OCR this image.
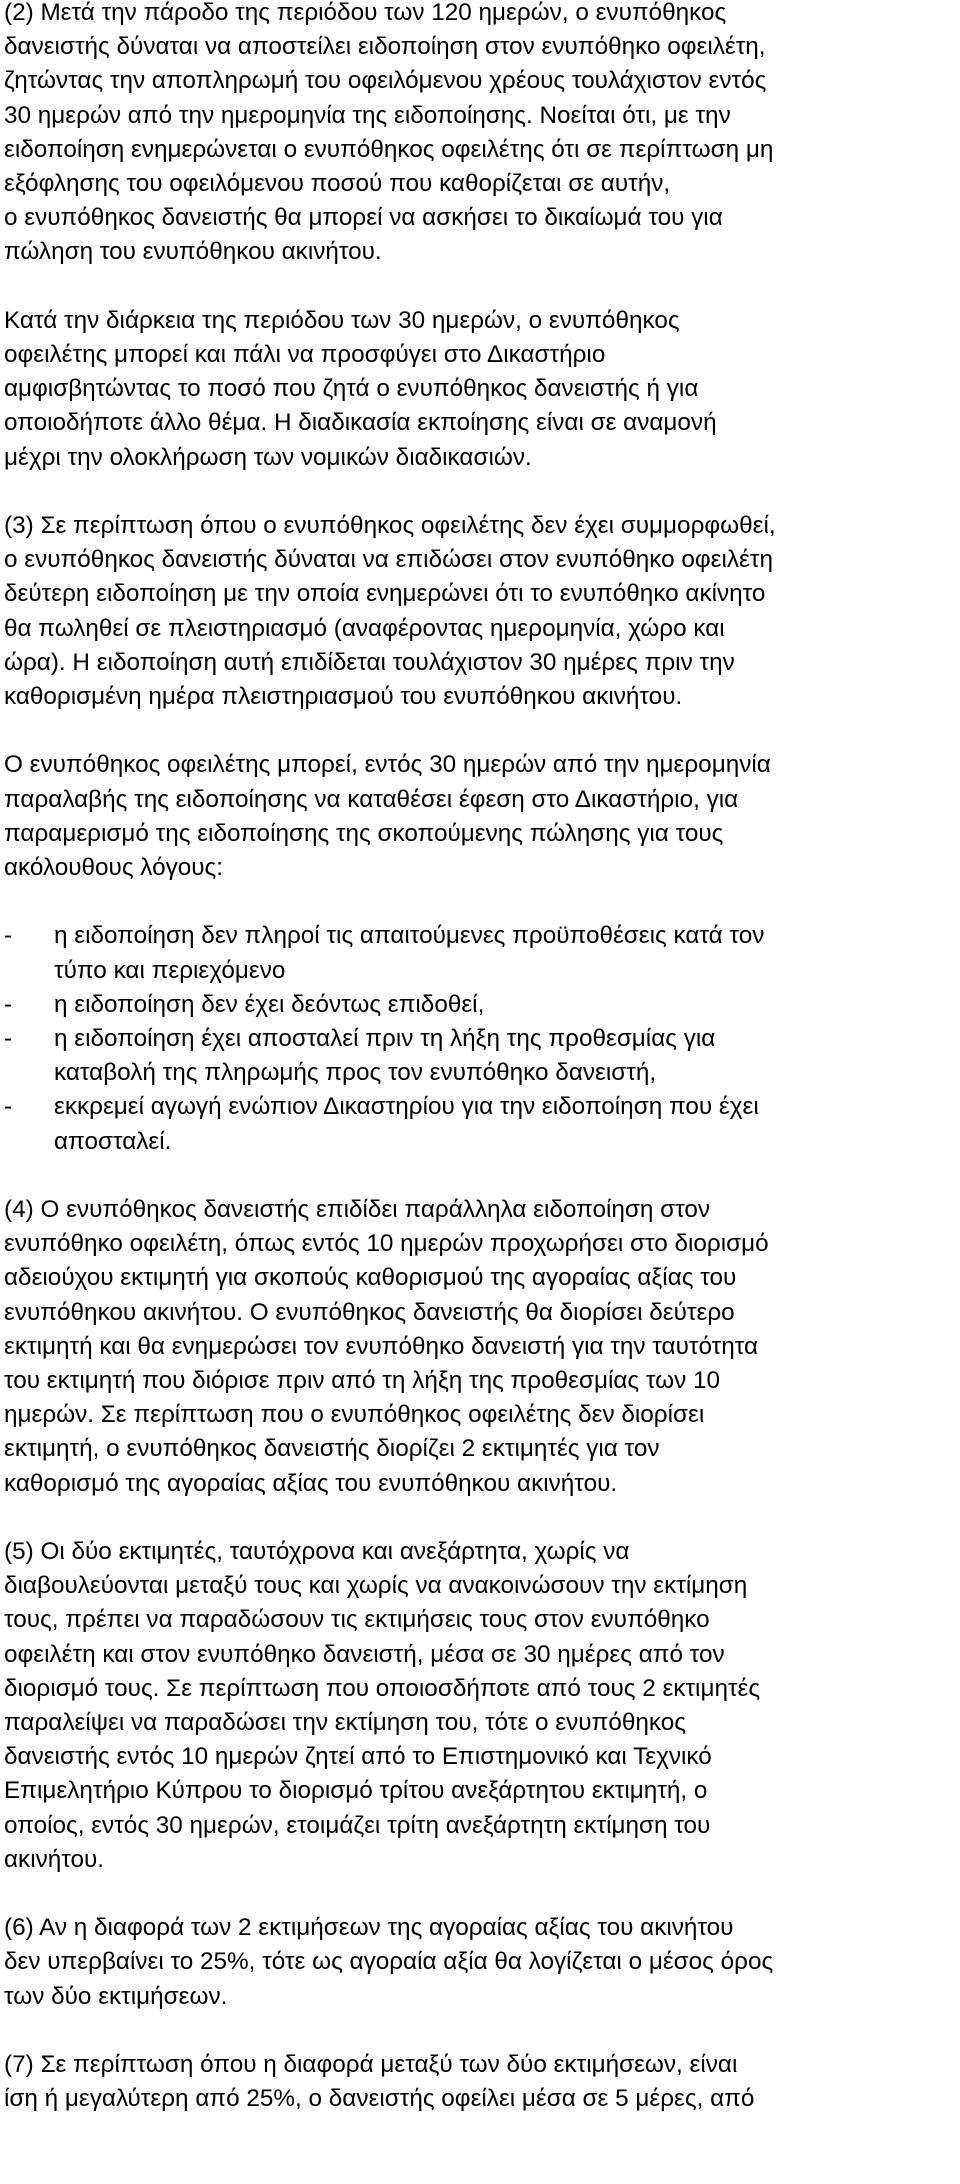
(2) Μετά την πάροδο της περιόδου των 120 ημερών, ο ενυπόθηκος
δανειστής δύναται να αποστείλει ειδοποίηση στον ενυπόθηκο οφειλέτη,
ζητώντας την αποπληρωμή του οφειλόμενου χρέους τουλάχιστον εντός
30 ημερών από την ημερομηνία της ειδοποίησης. Νοείται ότι, με την
ειδοποίηση ενημερώνεται ο ενυπόθηκος οφειλέτης ότι σε περίπτωση μη
εξόφλησης του οφειλόμενου ποσού που καθορίζεται σε αυτήν,
ο ενυπόθηκος δανειστής θα μπορεί να ασκήσει το δικαίωμά του για
πώληση του ενυπόθηκου ακινήτου.
Κατά την διάρκεια της περιόδου των 30 ημερών, ο ενυπόθηκος
οφειλέτης μπορεί και πάλι να προσφύγει στο Δικαστήριο
αμφισβητώντας το ποσό που ζητά ο ενυπόθηκος δανειστής ή για
οποιοδήποτε άλλο θέμα. Η διαδικασία εκποίησης είναι σε αναμονή
μέχρι την ολοκλήρωση των νομικών διαδικασιών.
(3) Σε περίπτωση όπου ο ενυπόθηκος οφειλέτης δεν έχει συμμορφωθεί,
ο ενυπόθηκος δανειστής δύναται να επιδώσει στον ενυπόθηκο οφειλέτη
δεύτερη ειδοποίηση με την οποία ενημερώνει ότι το ενυπόθηκο ακίνητο
θα πωληθεί σε πλειστηριασμό (αναφέροντας ημερομηνία, χώρο και
ώρα). Η ειδοποίηση αυτή επιδίδεται τουλάχιστον 30 ημέρες πριν την
καθορισμένη ημέρα πλειστηριασμού του ενυπόθηκου ακινήτου.
Ο ενυπόθηκος οφειλέτης μπορεί, εντός 30 ημερών από την ημερομηνία
παραλαβής της ειδοποίησης να καταθέσει έφεση στο Δικαστήριο, για
παραμερισμό της ειδοποίησης της σκοπούμενης πώλησης για τους
ακόλουθους λόγους:
-	η ειδοποίηση δεν πληροί τις απαιτούμενες προϋποθέσεις κατά τον
τύπο και περιεχόμενο
-	η ειδοποίηση δεν έχει δεόντως επιδοθεί,
-	η ειδοποίηση έχει αποσταλεί πριν τη λήξη της προθεσμίας για
καταβολή της πληρωμής προς τον ενυπόθηκο δανειστή,
-	εκκρεμεί αγωγή ενώπιον Δικαστηρίου για την ειδοποίηση που έχει
αποσταλεί.
(4) Ο ενυπόθηκος δανειστής επιδίδει παράλληλα ειδοποίηση στον
ενυπόθηκο οφειλέτη, όπως εντός 10 ημερών προχωρήσει στο διορισμό
αδειούχου εκτιμητή για σκοπούς καθορισμού της αγοραίας αξίας του
ενυπόθηκου ακινήτου. Ο ενυπόθηκος δανειστής θα διορίσει δεύτερο
εκτιμητή και θα ενημερώσει τον ενυπόθηκο δανειστή για την ταυτότητα
του εκτιμητή που διόρισε πριν από τη λήξη της προθεσμίας των 10
ημερών. Σε περίπτωση που ο ενυπόθηκος οφειλέτης δεν διορίσει
εκτιμητή, ο ενυπόθηκος δανειστής διορίζει 2 εκτιμητές για τον
καθορισμό της αγοραίας αξίας του ενυπόθηκου ακινήτου.
(5) Οι δύο εκτιμητές, ταυτόχρονα και ανεξάρτητα, χωρίς να
διαβουλεύονται μεταξύ τους και χωρίς να ανακοινώσουν την εκτίμηση
τους, πρέπει να παραδώσουν τις εκτιμήσεις τους στον ενυπόθηκο
οφειλέτη και στον ενυπόθηκο δανειστή, μέσα σε 30 ημέρες από τον
διορισμό τους. Σε περίπτωση που οποιοσδήποτε από τους 2 εκτιμητές
παραλείψει να παραδώσει την εκτίμηση του, τότε ο ενυπόθηκος
δανειστής εντός 10 ημερών ζητεί από το Επιστημονικό και Τεχνικό
Επιμελητήριο Κύπρου το διορισμό τρίτου ανεξάρτητου εκτιμητή, ο
οποίος, εντός 30 ημερών, ετοιμάζει τρίτη ανεξάρτητη εκτίμηση του
ακινήτου.
(6) Αν η διαφορά των 2 εκτιμήσεων της αγοραίας αξίας του ακινήτου
δεν υπερβαίνει το 25%, τότε ως αγοραία αξία θα λογίζεται ο μέσος όρος
των δύο εκτιμήσεων.
(7) Σε περίπτωση όπου η διαφορά μεταξύ των δύο εκτιμήσεων, είναι
ίση ή μεγαλύτερη από 25%, ο δανειστής οφείλει μέσα σε 5 μέρες, από
